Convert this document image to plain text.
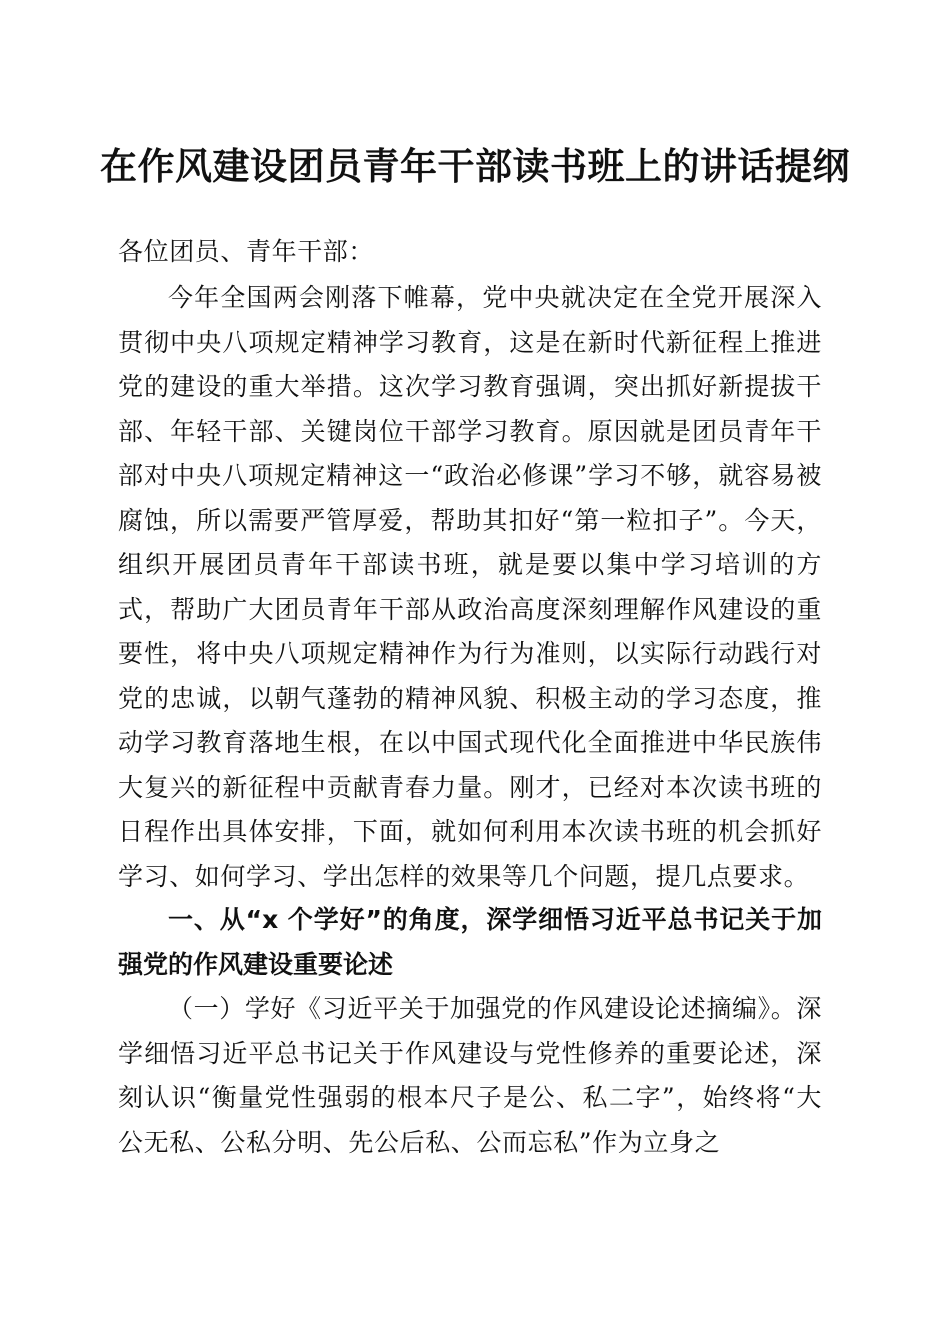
在作风建设团员青年干部读书班上的讲话提纲
各位团员、青年干部：
今年全国两会刚落下帷幕，党中央就决定在全党开展深入贯彻中央八项规定精神学习教育，这是在新时代新征程上推进党的建设的重大举措。这次学习教育强调，突出抓好新提拔干部、年轻干部、关键岗位干部学习教育。原因就是团员青年干部对中央八项规定精神这一“政治必修课”学习不够，就容易被腐蚀，所以需要严管厚爱，帮助其扣好“第一粒扣子”。今天，组织开展团员青年干部读书班，就是要以集中学习培训的方式，帮助广大团员青年干部从政治高度深刻理解作风建设的重要性，将中央八项规定精神作为行为准则，以实际行动践行对党的忠诚，以朝气蓬勃的精神风貌、积极主动的学习态度，推动学习教育落地生根，在以中国式现代化全面推进中华民族伟大复兴的新征程中贡献青春力量。刚才，已经对本次读书班的日程作出具体安排，下面，就如何利用本次读书班的机会抓好学习、如何学习、学出怎样的效果等几个问题，提几点要求。
一、从“x 个学好”的角度，深学细悟习近平总书记关于加强党的作风建设重要论述
（一）学好《习近平关于加强党的作风建设论述摘编》。深学细悟习近平总书记关于作风建设与党性修养的重要论述，深刻认识“衡量党性强弱的根本尺子是公、私二字”，始终将“大公无私、公私分明、先公后私、公而忘私”作为立身之
